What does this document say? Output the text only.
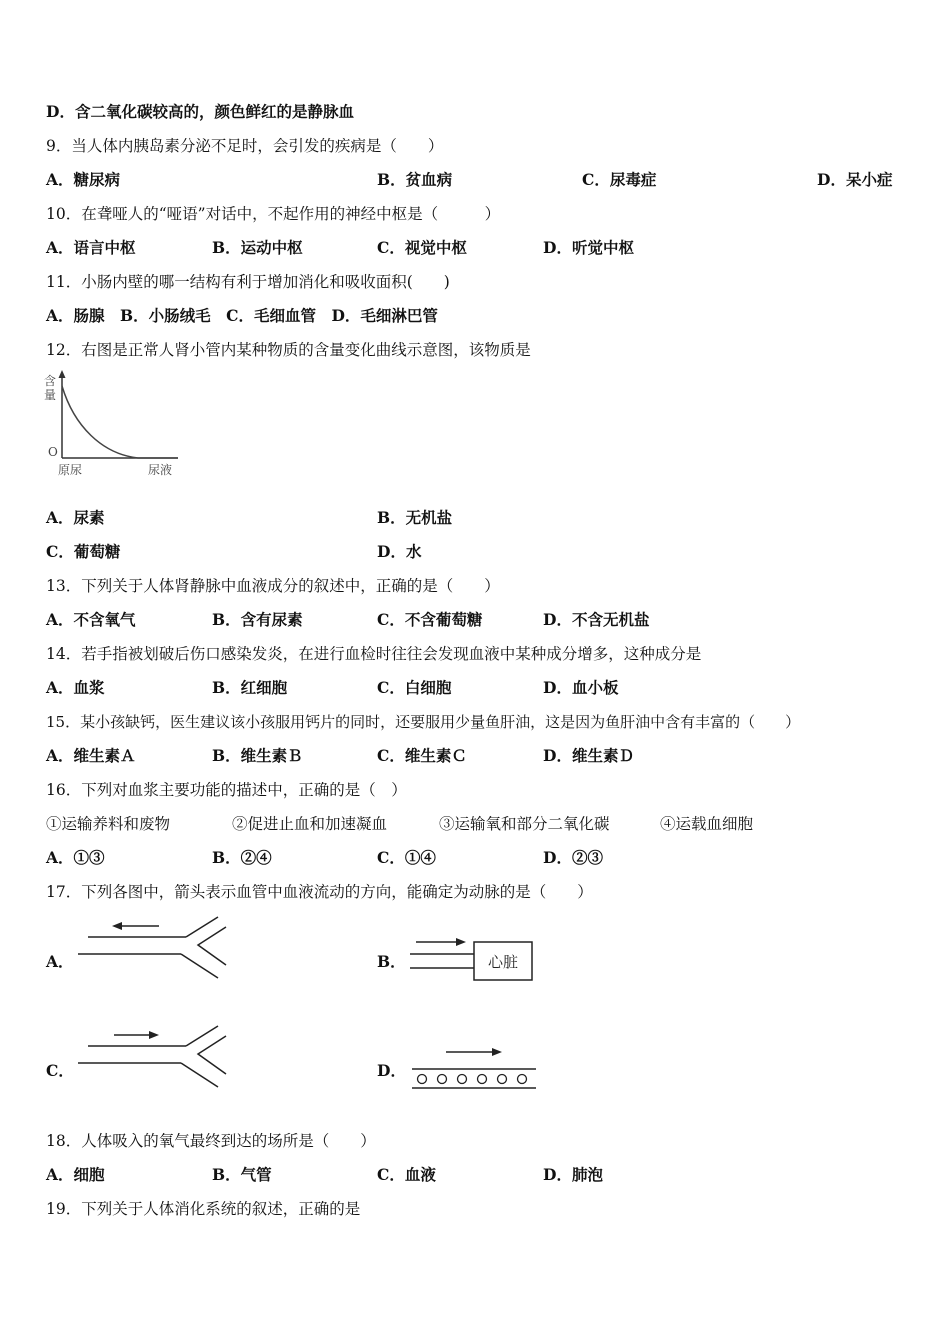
D．含二氧化碳较高的，颜色鲜红的是静脉血
9．当人体内胰岛素分泌不足时，会引发的疾病是（　　）
A．糖尿病	B．贫血病	C．尿毒症	D．呆小症
10．在聋哑人的“哑语”对话中，不起作用的神经中枢是（　　　）
A．语言中枢	B．运动中枢	C．视觉中枢	D．听觉中枢
11．小肠内壁的哪一结构有利于增加消化和吸收面积(　　)
A．肠腺　B．小肠绒毛　C．毛细血管　D．毛细淋巴管
12．右图是正常人肾小管内某种物质的含量变化曲线示意图，该物质是
含
量
O
原尿	尿液
A．尿素	B．无机盐
C．葡萄糖	D．水
13．下列关于人体肾静脉中血液成分的叙述中，正确的是（　　）
A．不含氧气	B．含有尿素	C．不含葡萄糖	D．不含无机盐
14．若手指被划破后伤口感染发炎，在进行血检时往往会发现血液中某种成分增多，这种成分是
A．血浆	B．红细胞	C．白细胞	D．血小板
15．某小孩缺钙，医生建议该小孩服用钙片的同时，还要服用少量鱼肝油，这是因为鱼肝油中含有丰富的（　　）
A．维生素Ａ	B．维生素Ｂ	C．维生素Ｃ	D．维生素Ｄ
16．下列对血浆主要功能的描述中，正确的是（　）
①运输养料和废物	②促进止血和加速凝血	③运输氧和部分二氧化碳	④运载血细胞
A．①③	B．②④	C．①④	D．②③
17．下列各图中，箭头表示血管中血液流动的方向，能确定为动脉的是（　　）
A．	B．	心脏
C．	D．
18．人体吸入的氧气最终到达的场所是（　　）
A．细胞	B．气管	C．血液	D．肺泡
19．下列关于人体消化系统的叙述，正确的是
